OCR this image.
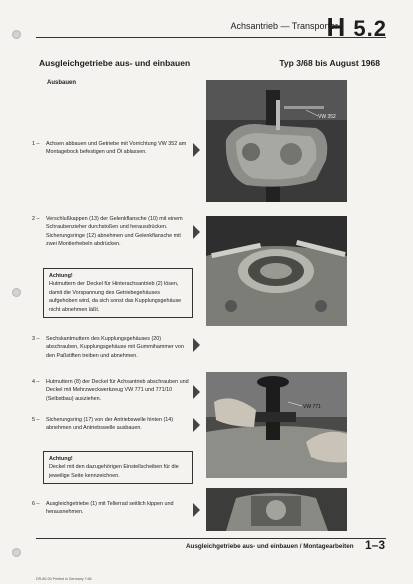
Achsantrieb — Transporter
H 5.2
Ausgleichgetriebe aus- und einbauen	Typ 3/68 bis August 1968
Ausbauen
1 – Achsen abbauen und Getriebe mit Vorrichtung VW 352 am Montagebock befestigen und Öl ablassen.
2 – Verschlußkappen (13) der Gelenkflansche (10) mit einem Schraubenzieher durchstoßen und herausdrücken. Sicherungsringe (12) abnehmen und Gelenkflansche mit zwei Montierhebeln abdrücken.
Achtung!
Hutmuttern der Deckel für Hinterachsantrieb (2) lösen, damit die Vorspannung des Getriebegehäuses aufgehoben wird, da sich sonst das Kupplungsgehäuse nicht abnehmen läßt.
3 – Sechskantmuttern des Kupplungsgehäuses (20) abschrauben, Kupplungsgehäuse mit Gummihammer von den Paßstiften treiben und abnehmen.
4 – Hutmuttern (8) der Deckel für Achsantrieb abschrauben und Deckel mit Mehrzweckwerkzeug VW 771 und 771/10 (Selbstbau) ausziehen.
5 – Sicherungsring (17) von der Antriebswelle hinten (14) abnehmen und Antriebswelle ausbauen.
Achtung!
Deckel mit den dazugehörigen Einstellscheiben für die jeweilige Seite kennzeichnen.
6 – Ausgleichgetriebe (1) mit Tellerrad seitlich kippen und herausnehmen.
VW 352
VW 771
Ausgleichgetriebe aus- und einbauen / Montagearbeiten 1–3
DR-80-00 Printed in Germany 7.68
